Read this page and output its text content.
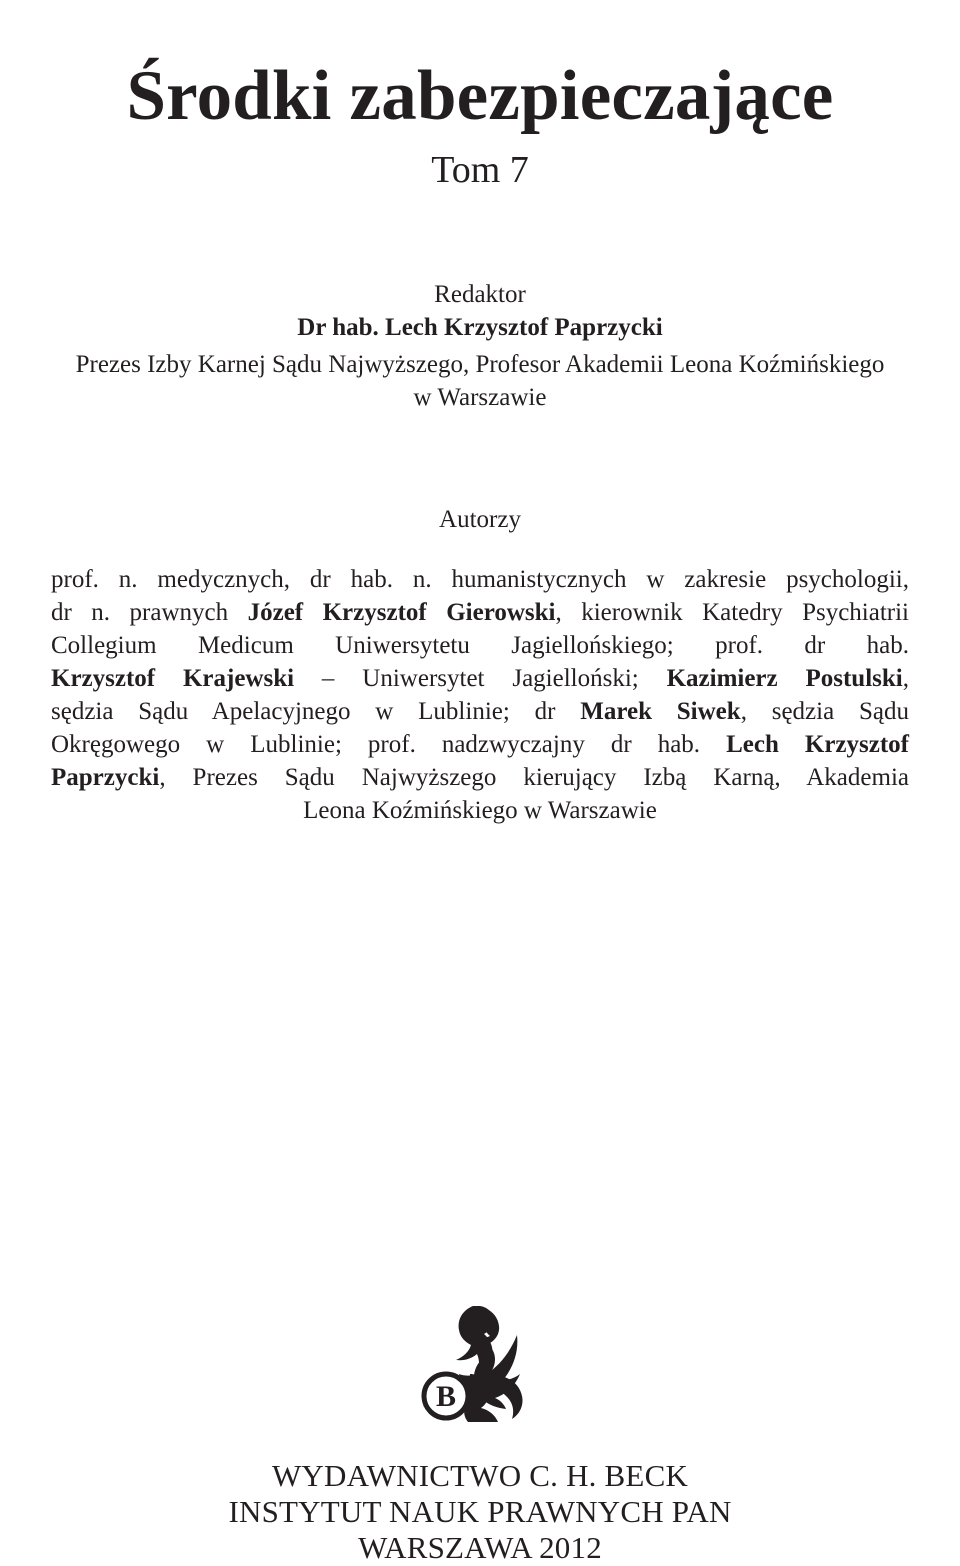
Środki zabezpieczające
Tom 7
Redaktor
Dr hab. Lech Krzysztof Paprzycki
Prezes Izby Karnej Sądu Najwyższego, Profesor Akademii Leona Koźmińskiego
w Warszawie
Autorzy
prof. n. medycznych, dr hab. n. humanistycznych w zakresie psychologii,
dr n. prawnych Józef Krzysztof Gierowski, kierownik Katedry Psychiatrii
Collegium Medicum Uniwersytetu Jagiellońskiego; prof. dr hab.
Krzysztof Krajewski – Uniwersytet Jagielloński; Kazimierz Postulski,
sędzia Sądu Apelacyjnego w Lublinie; dr Marek Siwek, sędzia Sądu
Okręgowego w Lublinie; prof. nadzwyczajny dr hab. Lech Krzysztof
Paprzycki, Prezes Sądu Najwyższego kierujący Izbą Karną, Akademia
Leona Koźmińskiego w Warszawie
B
WYDAWNICTWO C. H. BECK
INSTYTUT NAUK PRAWNYCH PAN
WARSZAWA 2012
